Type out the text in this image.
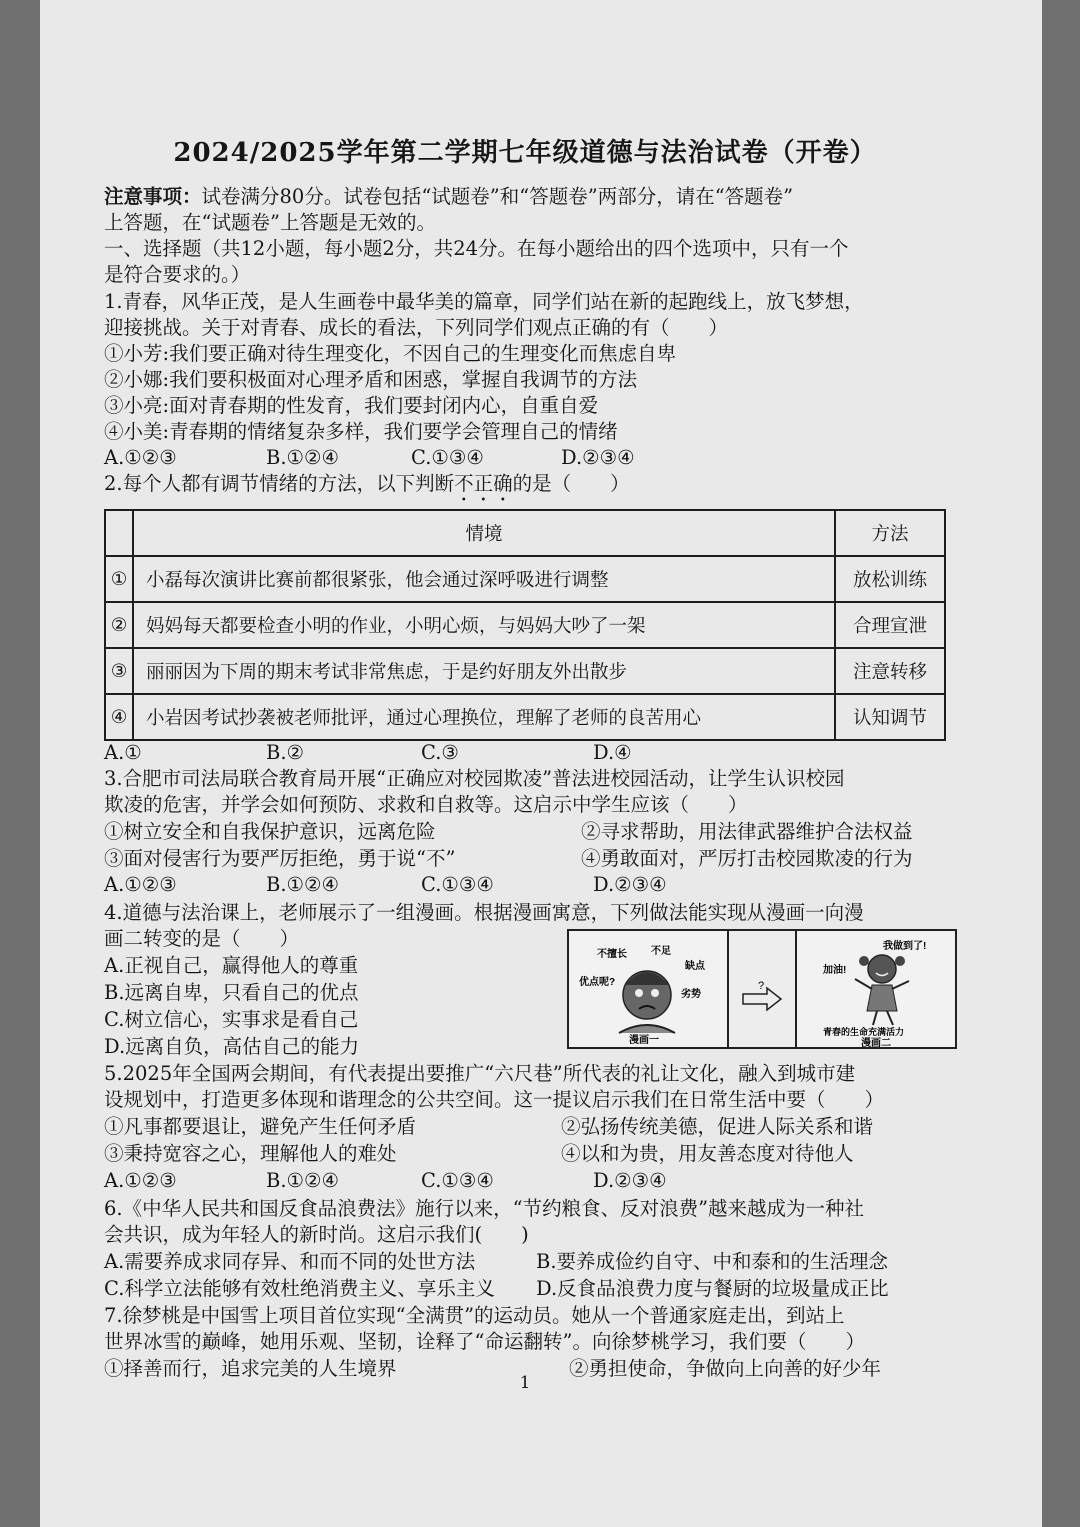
2024/2025学年第二学期七年级道德与法治试卷（开卷）
注意事项：试卷满分80分。试卷包括“试题卷”和“答题卷”两部分，请在“答题卷”
上答题，在“试题卷”上答题是无效的。
一、选择题（共12小题，每小题2分，共24分。在每小题给出的四个选项中，只有一个
是符合要求的。）
1.青春，风华正茂，是人生画卷中最华美的篇章，同学们站在新的起跑线上，放飞梦想，
迎接挑战。关于对青春、成长的看法，下列同学们观点正确的有（　　）
①小芳:我们要正确对待生理变化，不因自己的生理变化而焦虑自卑
②小娜:我们要积极面对心理矛盾和困惑，掌握自我调节的方法
③小亮:面对青春期的性发育，我们要封闭内心，自重自爱
④小美:青春期的情绪复杂多样，我们要学会管理自己的情绪
A.①②③	B.①②④	C.①③④	D.②③④
2.每个人都有调节情绪的方法，以下判断不正确的是（　　）
	情境	方法
①	小磊每次演讲比赛前都很紧张，他会通过深呼吸进行调整	放松训练
②	妈妈每天都要检查小明的作业，小明心烦，与妈妈大吵了一架	合理宣泄
③	丽丽因为下周的期末考试非常焦虑，于是约好朋友外出散步	注意转移
④	小岩因考试抄袭被老师批评，通过心理换位，理解了老师的良苦用心	认知调节
A.①	B.②	C.③	D.④
3.合肥市司法局联合教育局开展“正确应对校园欺凌”普法进校园活动，让学生认识校园
欺凌的危害，并学会如何预防、求救和自救等。这启示中学生应该（　　）
①树立安全和自我保护意识，远离危险	②寻求帮助，用法律武器维护合法权益
③面对侵害行为要严厉拒绝，勇于说“不”	④勇敢面对，严厉打击校园欺凌的行为
A.①②③	B.①②④	C.①③④	D.②③④
4.道德与法治课上，老师展示了一组漫画。根据漫画寓意，下列做法能实现从漫画一向漫
画二转变的是（　　）
A.正视自己，赢得他人的尊重
B.远离自卑，只看自己的优点
C.树立信心，实事求是看自己
D.远离自负，高估自己的能力
不擅长 不足
缺点
优点呢?
劣势
漫画一
?
我做到了!
加油!
青春的生命充满活力
漫画二
5.2025年全国两会期间，有代表提出要推广“六尺巷”所代表的礼让文化，融入到城市建
设规划中，打造更多体现和谐理念的公共空间。这一提议启示我们在日常生活中要（　　）
①凡事都要退让，避免产生任何矛盾	②弘扬传统美德，促进人际关系和谐
③秉持宽容之心，理解他人的难处	④以和为贵，用友善态度对待他人
A.①②③	B.①②④	C.①③④	D.②③④
6.《中华人民共和国反食品浪费法》施行以来，“节约粮食、反对浪费”越来越成为一种社
会共识，成为年轻人的新时尚。这启示我们(　　)
A.需要养成求同存异、和而不同的处世方法	B.要养成俭约自守、中和泰和的生活理念
C.科学立法能够有效杜绝消费主义、享乐主义 D.反食品浪费力度与餐厨的垃圾量成正比
7.徐梦桃是中国雪上项目首位实现“全满贯”的运动员。她从一个普通家庭走出，到站上
世界冰雪的巅峰，她用乐观、坚韧，诠释了“命运翻转”。向徐梦桃学习，我们要（　　）
①择善而行，追求完美的人生境界	②勇担使命，争做向上向善的好少年
1
